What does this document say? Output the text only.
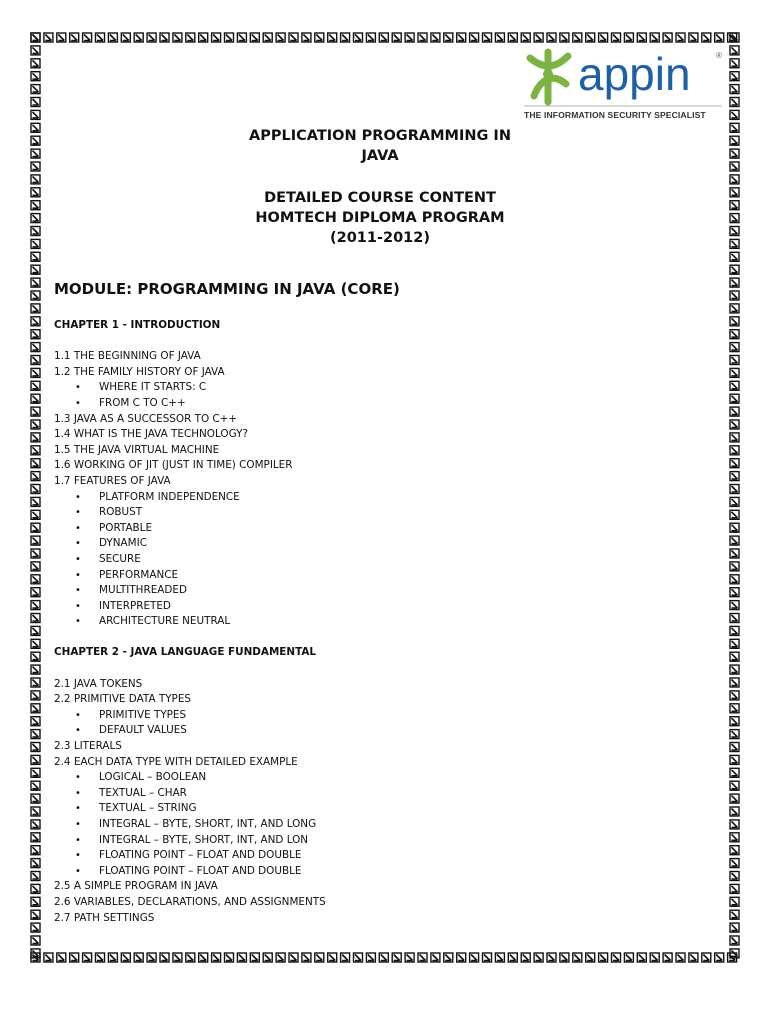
appin	®
THE INFORMATION SECURITY SPECIALIST
APPLICATION PROGRAMMING IN
JAVA
DETAILED COURSE CONTENT
HOMTECH DIPLOMA PROGRAM
(2011-2012)
MODULE: PROGRAMMING IN JAVA (CORE)
CHAPTER 1 - INTRODUCTION
1.1 THE BEGINNING OF JAVA
1.2 THE FAMILY HISTORY OF JAVA
• WHERE IT STARTS: C
• FROM C TO C++
1.3 JAVA AS A SUCCESSOR TO C++
1.4 WHAT IS THE JAVA TECHNOLOGY?
1.5 THE JAVA VIRTUAL MACHINE
1.6 WORKING OF JIT (JUST IN TIME) COMPILER
1.7 FEATURES OF JAVA
• PLATFORM INDEPENDENCE
• ROBUST
• PORTABLE
• DYNAMIC
• SECURE
• PERFORMANCE
• MULTITHREADED
• INTERPRETED
• ARCHITECTURE NEUTRAL
CHAPTER 2 - JAVA LANGUAGE FUNDAMENTAL
2.1 JAVA TOKENS
2.2 PRIMITIVE DATA TYPES
• PRIMITIVE TYPES
• DEFAULT VALUES
2.3 LITERALS
2.4 EACH DATA TYPE WITH DETAILED EXAMPLE
• LOGICAL – BOOLEAN
• TEXTUAL – CHAR
• TEXTUAL – STRING
• INTEGRAL – BYTE, SHORT, INT, AND LONG
• INTEGRAL – BYTE, SHORT, INT, AND LON
• FLOATING POINT – FLOAT AND DOUBLE
• FLOATING POINT – FLOAT AND DOUBLE
2.5 A SIMPLE PROGRAM IN JAVA
2.6 VARIABLES, DECLARATIONS, AND ASSIGNMENTS
2.7 PATH SETTINGS
